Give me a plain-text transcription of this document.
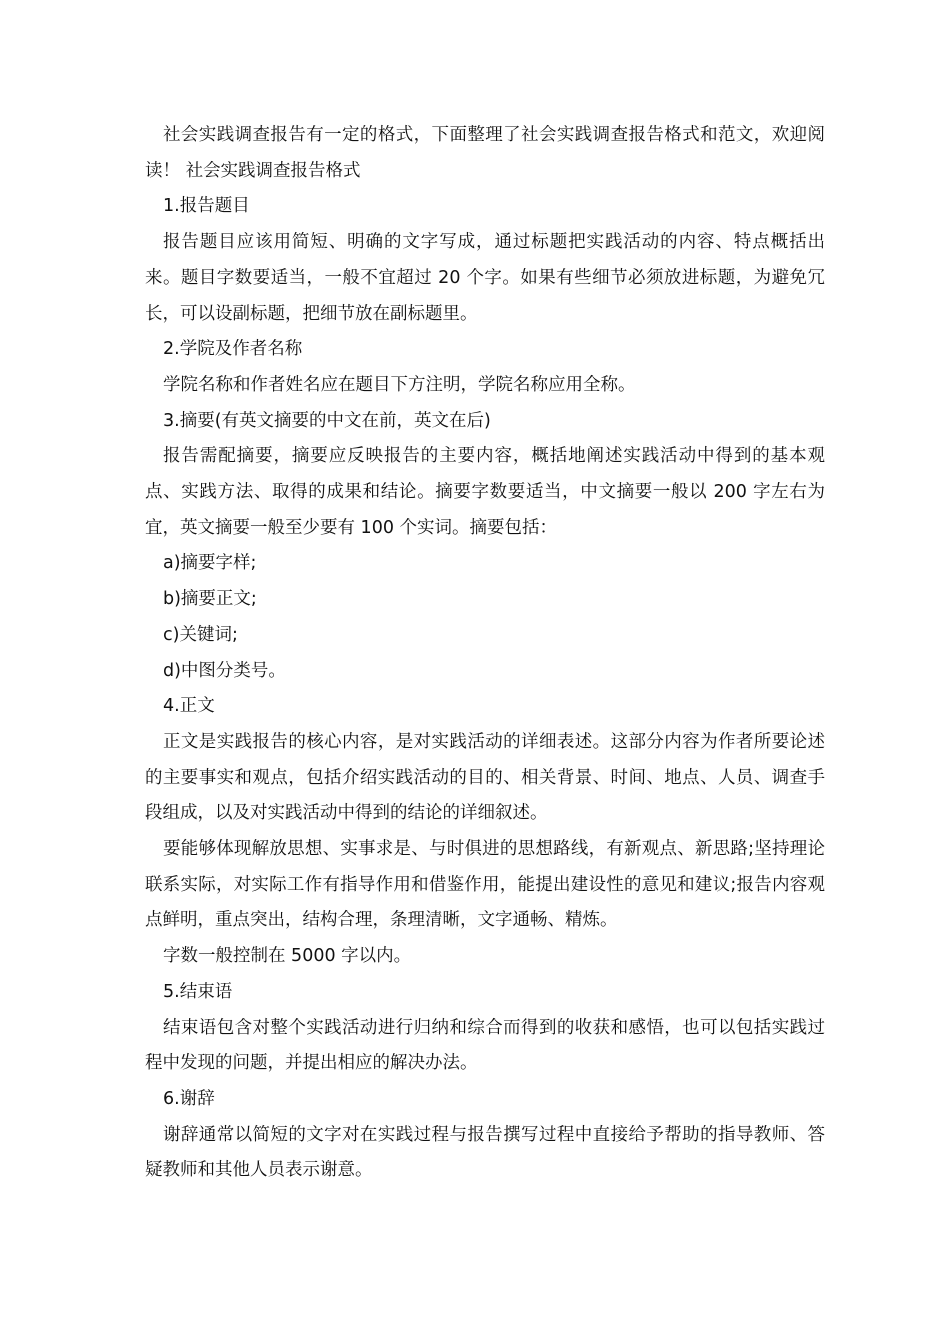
社会实践调查报告有一定的格式，下面整理了社会实践调查报告格式和范文，欢迎阅读！ 社会实践调查报告格式

1.报告题目

报告题目应该用简短、明确的文字写成，通过标题把实践活动的内容、特点概括出来。题目字数要适当，一般不宜超过 20 个字。如果有些细节必须放进标题，为避免冗长，可以设副标题，把细节放在副标题里。

2.学院及作者名称

学院名称和作者姓名应在题目下方注明，学院名称应用全称。

3.摘要(有英文摘要的中文在前，英文在后)

报告需配摘要，摘要应反映报告的主要内容，概括地阐述实践活动中得到的基本观点、实践方法、取得的成果和结论。摘要字数要适当，中文摘要一般以 200 字左右为宜，英文摘要一般至少要有 100 个实词。摘要包括：

a)摘要字样;

b)摘要正文;

c)关键词;

d)中图分类号。

4.正文

正文是实践报告的核心内容，是对实践活动的详细表述。这部分内容为作者所要论述的主要事实和观点，包括介绍实践活动的目的、相关背景、时间、地点、人员、调查手段组成，以及对实践活动中得到的结论的详细叙述。

要能够体现解放思想、实事求是、与时俱进的思想路线，有新观点、新思路;坚持理论联系实际，对实际工作有指导作用和借鉴作用，能提出建设性的意见和建议;报告内容观点鲜明，重点突出，结构合理，条理清晰，文字通畅、精炼。

字数一般控制在 5000 字以内。

5.结束语

结束语包含对整个实践活动进行归纳和综合而得到的收获和感悟，也可以包括实践过程中发现的问题，并提出相应的解决办法。

6.谢辞

谢辞通常以简短的文字对在实践过程与报告撰写过程中直接给予帮助的指导教师、答疑教师和其他人员表示谢意。
